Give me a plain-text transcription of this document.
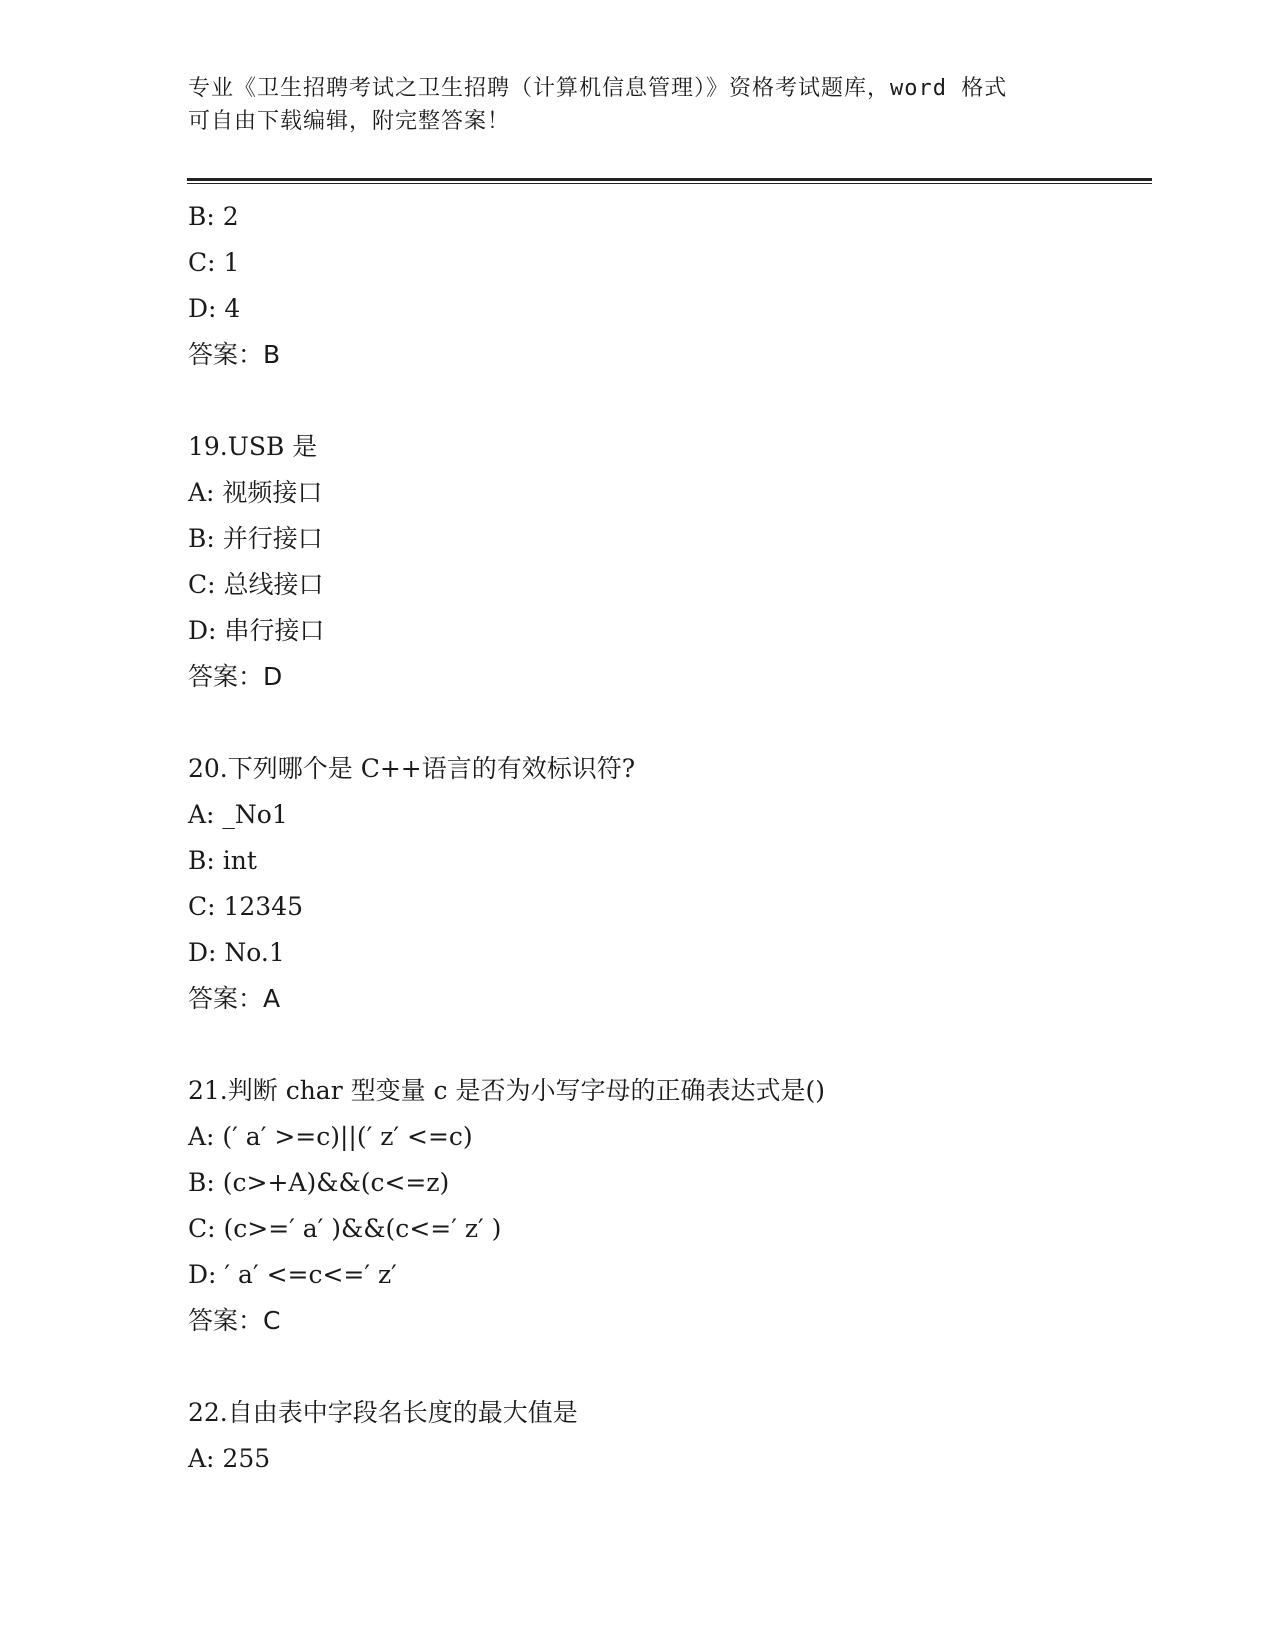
专业《卫生招聘考试之卫生招聘（计算机信息管理）》资格考试题库，word 格式
可自由下载编辑，附完整答案！
B: 2
C: 1
D: 4
答案：B
19.USB 是
A: 视频接口
B: 并行接口
C: 总线接口
D: 串行接口
答案：D
20.下列哪个是 C++语言的有效标识符?
A: _No1
B: int
C: 12345
D: No.1
答案：A
21.判断 char 型变量 c 是否为小写字母的正确表达式是()
A: (′ a′ >=c)||(′ z′ <=c)
B: (c>+A)&&(c<=z)
C: (c>=′ a′ )&&(c<=′ z′ )
D: ′ a′ <=c<=′ z′
答案：C
22.自由表中字段名长度的最大值是
A: 255
